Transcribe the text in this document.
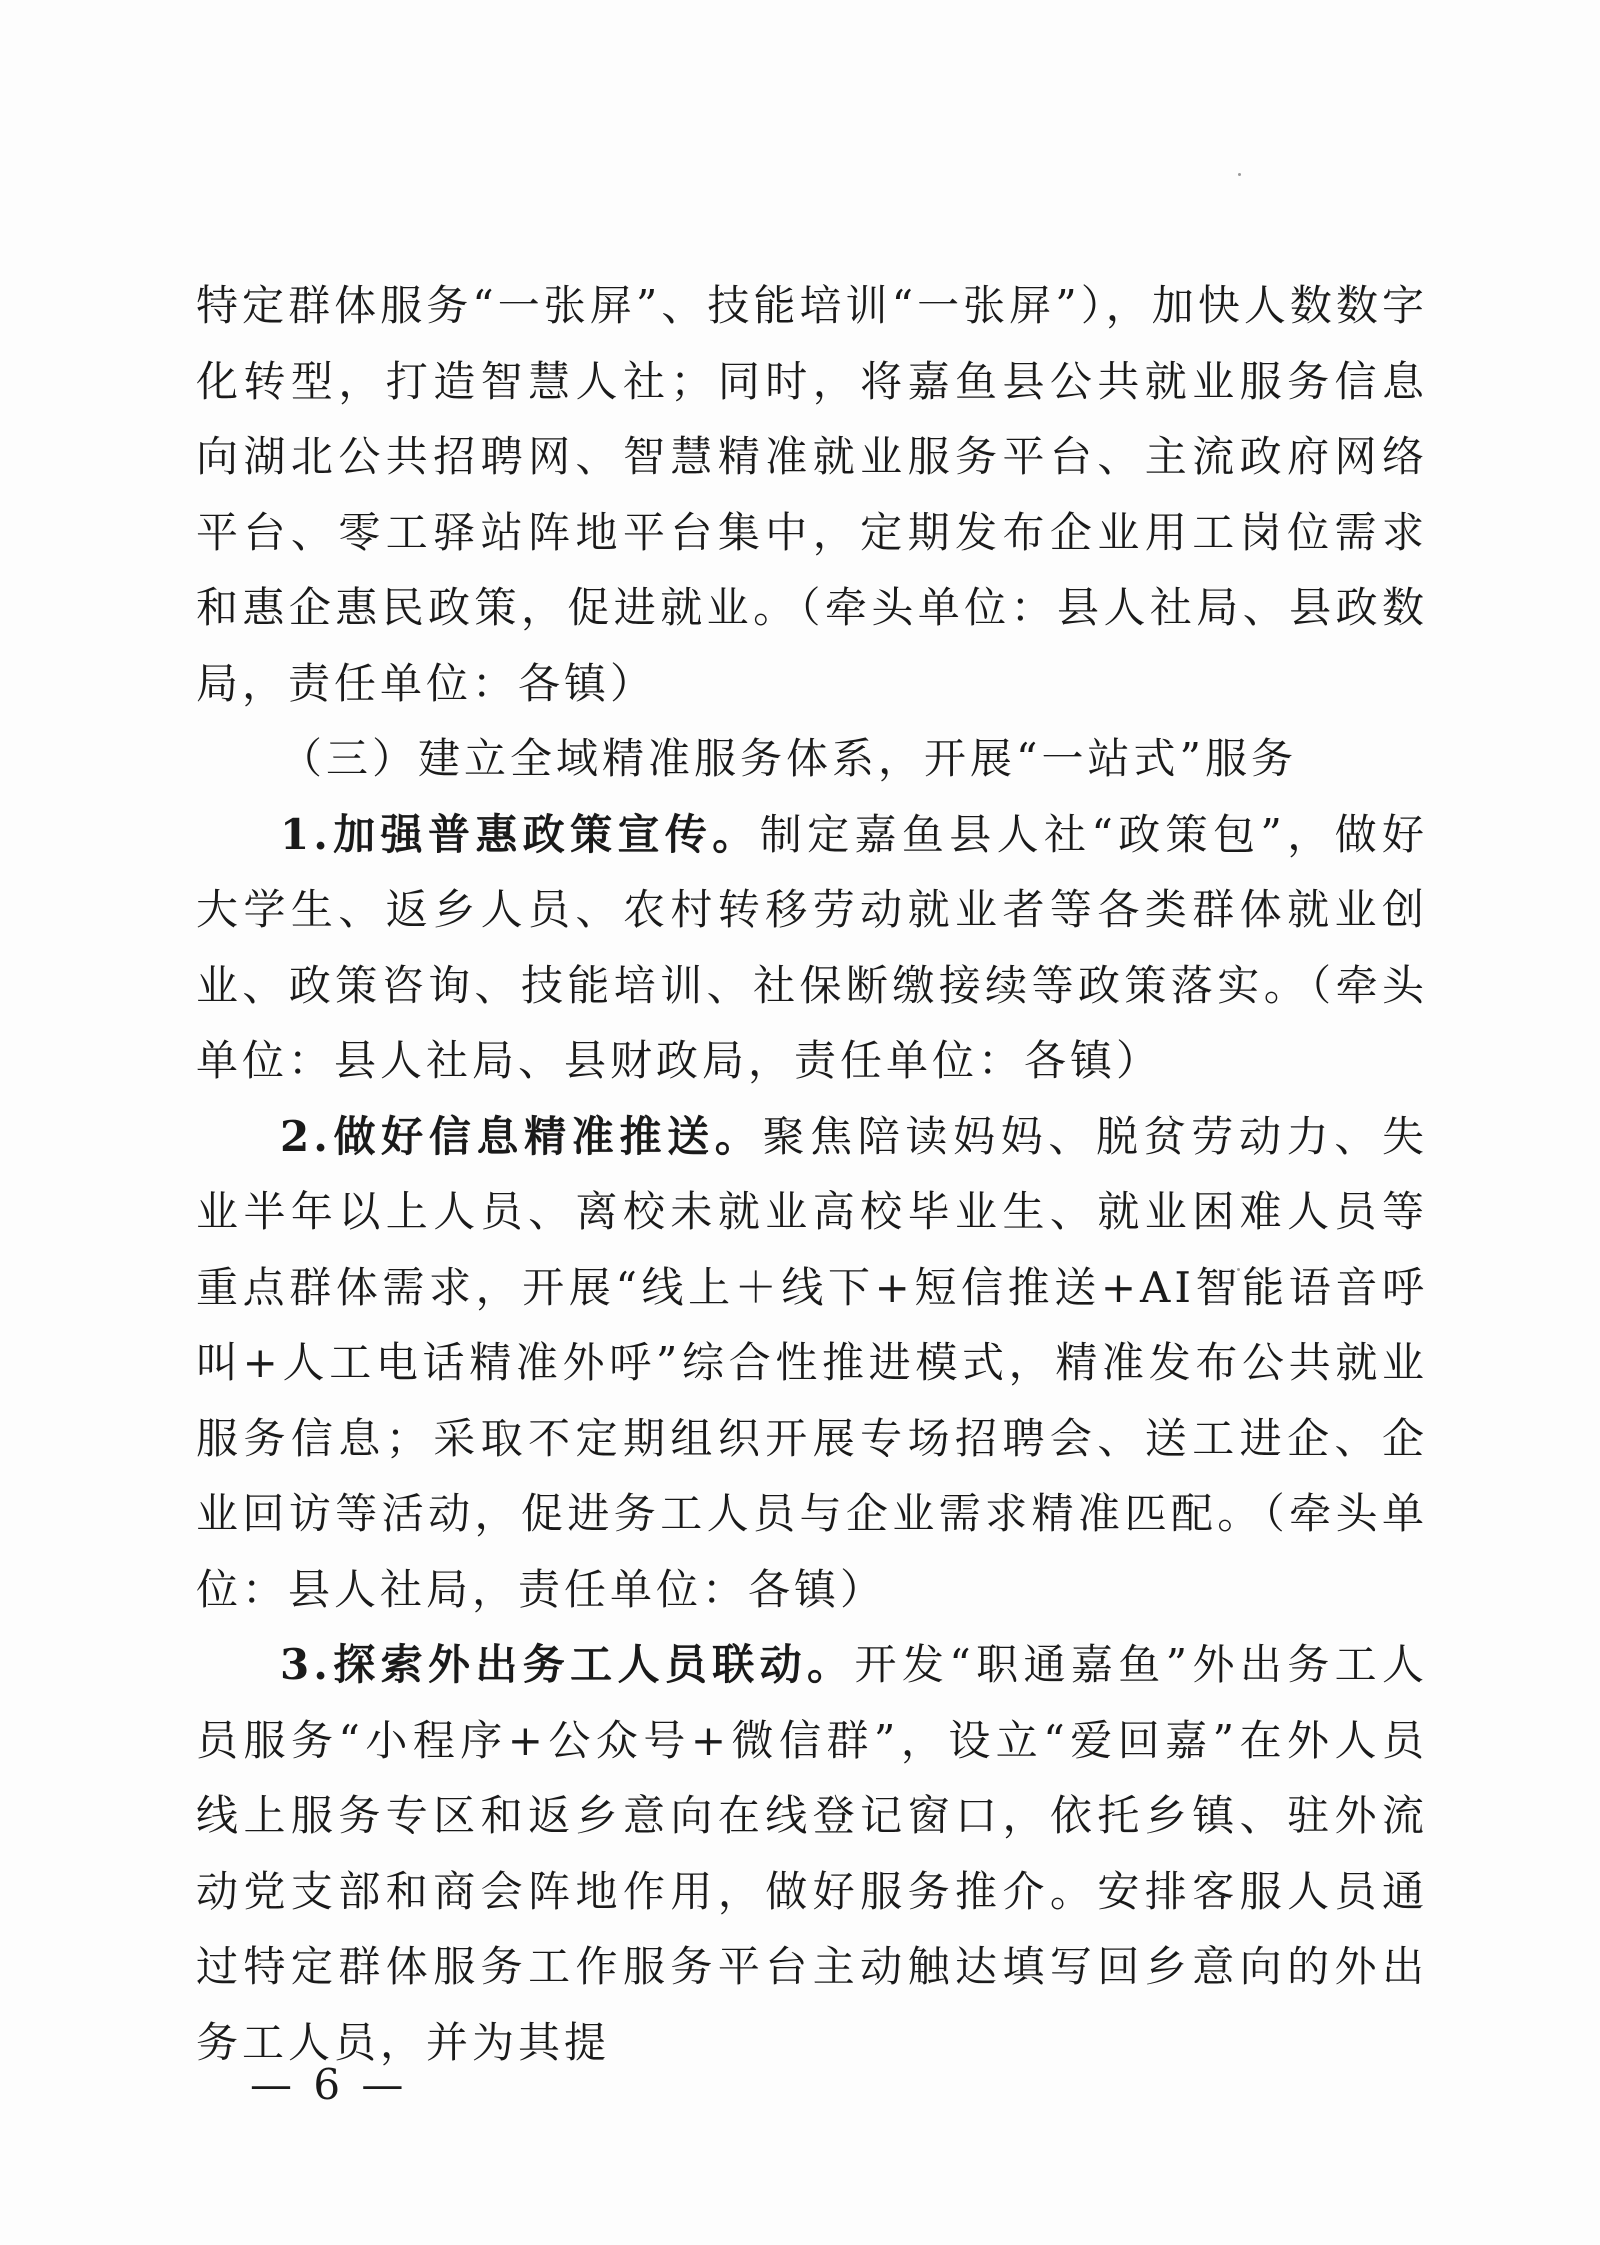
特定群体服务“一张屏”、技能培训“一张屏”），加快人数数字化转型，打造智慧人社；同时，将嘉鱼县公共就业服务信息向湖北公共招聘网、智慧精准就业服务平台、主流政府网络平台、零工驿站阵地平台集中，定期发布企业用工岗位需求和惠企惠民政策，促进就业。（牵头单位：县人社局、县政数局，责任单位：各镇）

（三）建立全域精准服务体系，开展“一站式”服务

1.加强普惠政策宣传。制定嘉鱼县人社“政策包”，做好大学生、返乡人员、农村转移劳动就业者等各类群体就业创业、政策咨询、技能培训、社保断缴接续等政策落实。（牵头单位：县人社局、县财政局，责任单位：各镇）

2.做好信息精准推送。聚焦陪读妈妈、脱贫劳动力、失业半年以上人员、离校未就业高校毕业生、就业困难人员等重点群体需求，开展“线上＋线下+短信推送+AI智能语音呼叫+人工电话精准外呼”综合性推进模式，精准发布公共就业服务信息；采取不定期组织开展专场招聘会、送工进企、企业回访等活动，促进务工人员与企业需求精准匹配。（牵头单位：县人社局，责任单位：各镇）

3.探索外出务工人员联动。开发“职通嘉鱼”外出务工人员服务“小程序+公众号+微信群”，设立“爱回嘉”在外人员线上服务专区和返乡意向在线登记窗口，依托乡镇、驻外流动党支部和商会阵地作用，做好服务推介。安排客服人员通过特定群体服务工作服务平台主动触达填写回乡意向的外出务工人员，并为其提

— 6 —
